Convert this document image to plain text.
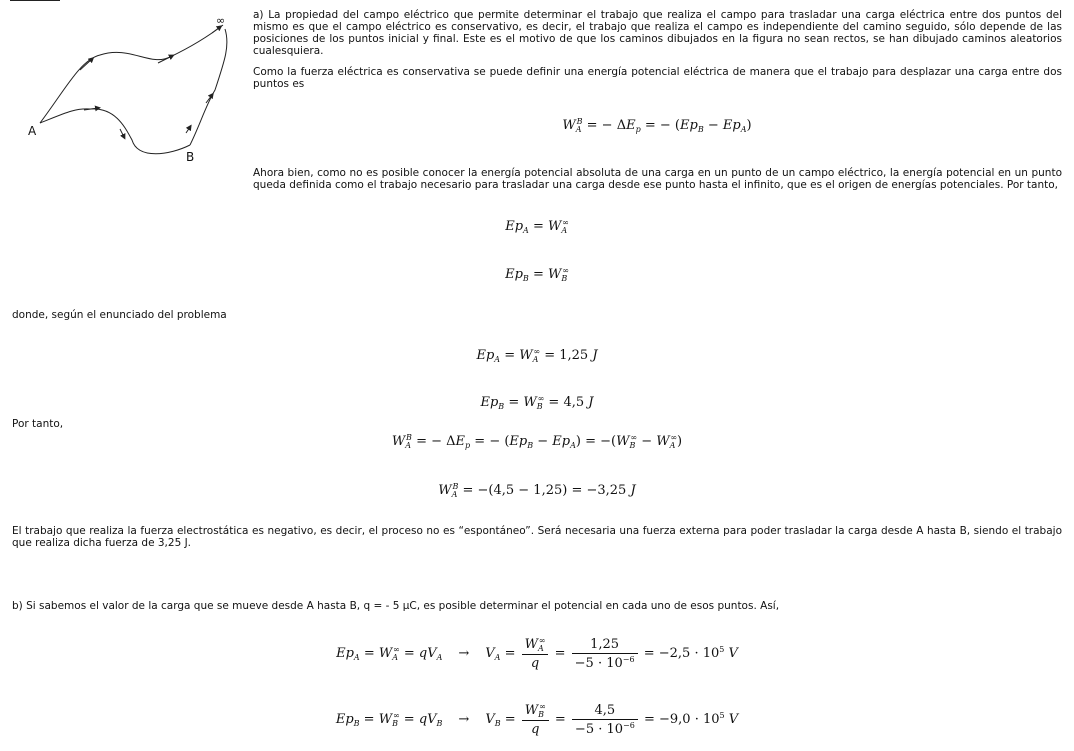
A
B
∞	a) La propiedad del campo eléctrico que permite determinar el trabajo que realiza el campo para trasladar una carga eléctrica entre dos puntos del mismo es que el campo eléctrico es conservativo, es decir, el trabajo que realiza el campo es independiente del camino seguido, sólo depende de las posiciones de los puntos inicial y final. Este es el motivo de que los caminos dibujados en la figura no sean rectos, se han dibujado caminos aleatorios cualesquiera.
Como la fuerza eléctrica es conservativa se puede definir una energía potencial eléctrica de manera que el trabajo para desplazar una carga entre dos puntos es
$W_A^B$ = − $\Delta E_p$ = − $(Ep_B - Ep_A)$
Ahora bien, como no es posible conocer la energía potencial absoluta de una carga en un punto de un campo eléctrico, la energía potencial en un punto queda definida como el trabajo necesario para trasladar una carga desde ese punto hasta el infinito, que es el origen de energías potenciales. Por tanto,
$Ep_A = W_A^\infty$
$Ep_B = W_B^\infty$
donde, según el enunciado del problema
$Ep_A = W_A^\infty = 1,25$ J
$Ep_B = W_B^\infty = 4,5$ J
Por tanto,
$W_A^B$ = − $\Delta E_p$ = − $(Ep_B - Ep_A) = -(W_B^\infty - W_A^\infty)$
$W_A^B = -(4,5 - 1,25) = -3,25$ J
El trabajo que realiza la fuerza electrostática es negativo, es decir, el proceso no es “espontáneo”. Será necesaria una fuerza externa para poder trasladar la carga desde A hasta B, siendo el trabajo que realiza dicha fuerza de 3,25 J.
b) Si sabemos el valor de la carga que se mueve desde A hasta B, q = - 5 µC, es posible determinar el potencial en cada uno de esos puntos. Así,
$Ep_A = W_A^\infty = qV_A \to V_A = \frac{W_A^\infty}{q} = \frac{1,25}{-5 \cdot 10^{-6}} = -2,5 \cdot 10^5$ V
$Ep_B = W_B^\infty = qV_B \to V_B = \frac{W_B^\infty}{q} = \frac{4,5}{-5 \cdot 10^{-6}} = -9,0 \cdot 10^5$ V
